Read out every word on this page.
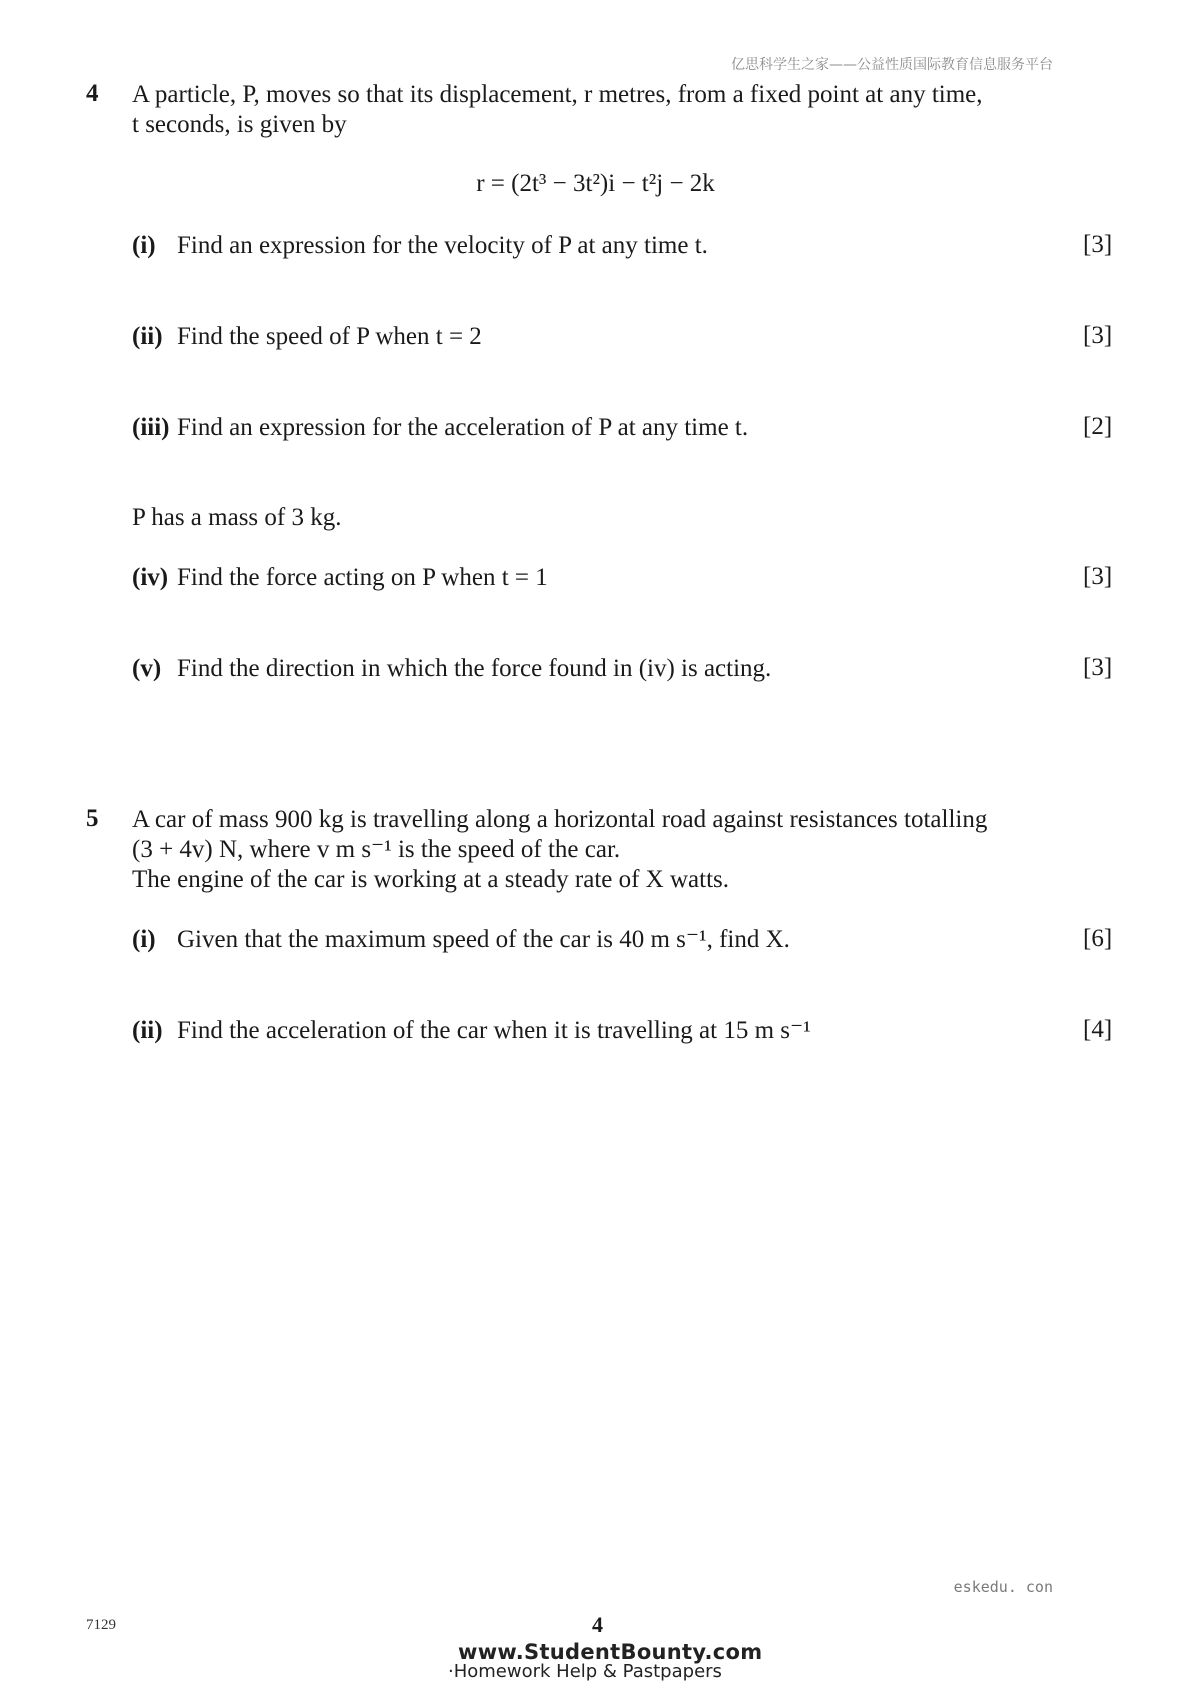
亿思科学生之家——公益性质国际教育信息服务平台
4 A particle, P, moves so that its displacement, r metres, from a fixed point at any time,
t seconds, is given by
r = (2t³ − 3t²)i − t²j − 2k
(i) Find an expression for the velocity of P at any time t.	[3]
(ii) Find the speed of P when t = 2	[3]
(iii) Find an expression for the acceleration of P at any time t.	[2]
P has a mass of 3 kg.
(iv) Find the force acting on P when t = 1	[3]
(v) Find the direction in which the force found in (iv) is acting.	[3]
5 A car of mass 900 kg is travelling along a horizontal road against resistances totalling
(3 + 4v) N, where v m s⁻¹ is the speed of the car.
The engine of the car is working at a steady rate of X watts.
(i) Given that the maximum speed of the car is 40 m s⁻¹, find X.	[6]
(ii) Find the acceleration of the car when it is travelling at 15 m s⁻¹	[4]
eskedu. con
7129	4
www.StudentBounty.com
·Homework Help & Pastpapers
